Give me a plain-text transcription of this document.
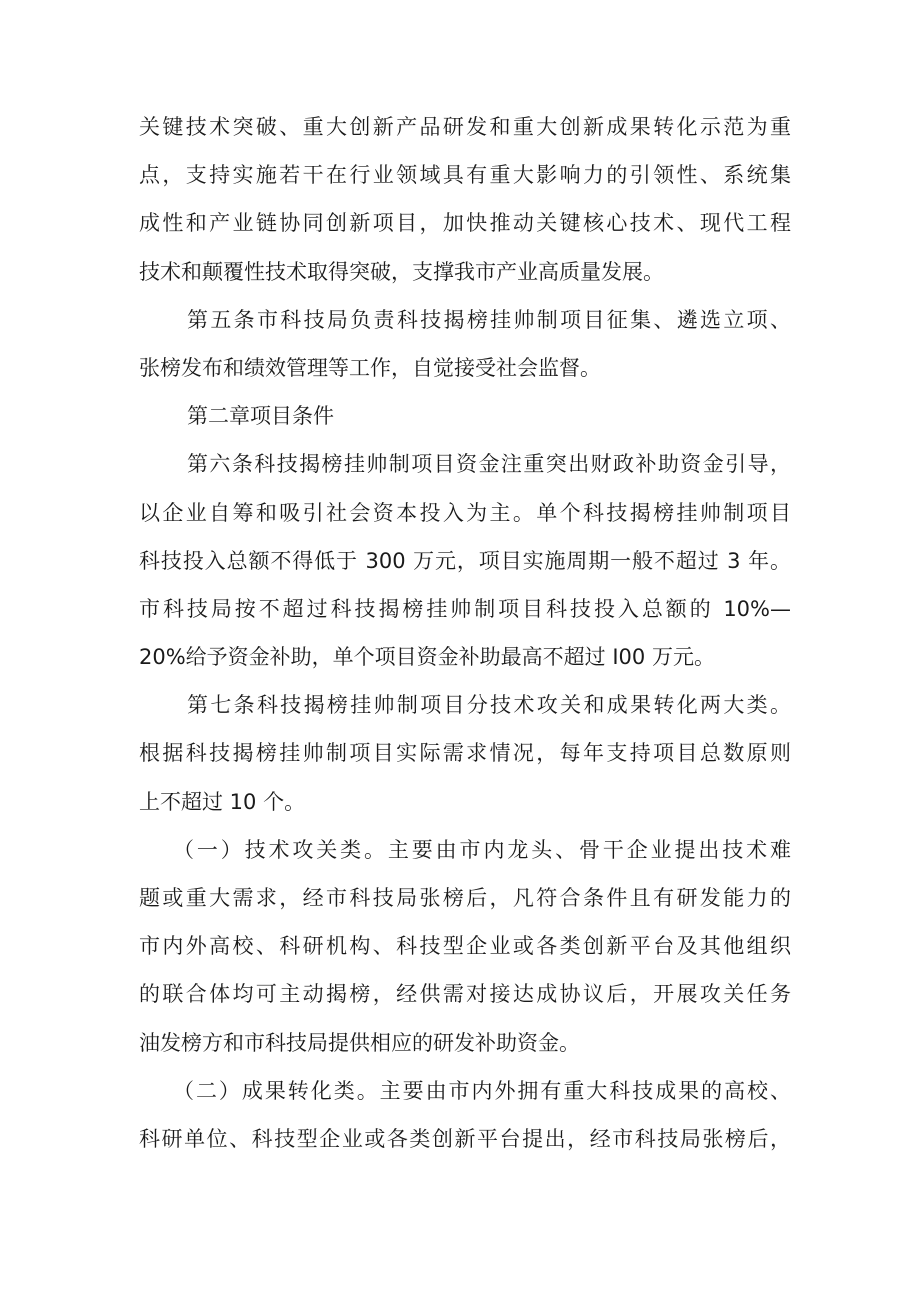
关键技术突破、重大创新产品研发和重大创新成果转化示范为重
点，支持实施若干在行业领域具有重大影响力的引领性、系统集
成性和产业链协同创新项目，加快推动关键核心技术、现代工程
技术和颠覆性技术取得突破，支撑我市产业高质量发展。
第五条市科技局负责科技揭榜挂帅制项目征集、遴选立项、
张榜发布和绩效管理等工作，自觉接受社会监督。
第二章项目条件
第六条科技揭榜挂帅制项目资金注重突出财政补助资金引导，
以企业自筹和吸引社会资本投入为主。单个科技揭榜挂帅制项目
科技投入总额不得低于 300 万元，项目实施周期一般不超过 3 年。
市科技局按不超过科技揭榜挂帅制项目科技投入总额的 10%—
20%给予资金补助，单个项目资金补助最高不超过 I00 万元。
第七条科技揭榜挂帅制项目分技术攻关和成果转化两大类。
根据科技揭榜挂帅制项目实际需求情况，每年支持项目总数原则
上不超过 10 个。
（一）技术攻关类。主要由市内龙头、骨干企业提出技术难
题或重大需求，经市科技局张榜后，凡符合条件且有研发能力的
市内外高校、科研机构、科技型企业或各类创新平台及其他组织
的联合体均可主动揭榜，经供需对接达成协议后，开展攻关任务
油发榜方和市科技局提供相应的研发补助资金。
（二）成果转化类。主要由市内外拥有重大科技成果的高校、
科研单位、科技型企业或各类创新平台提出，经市科技局张榜后，
